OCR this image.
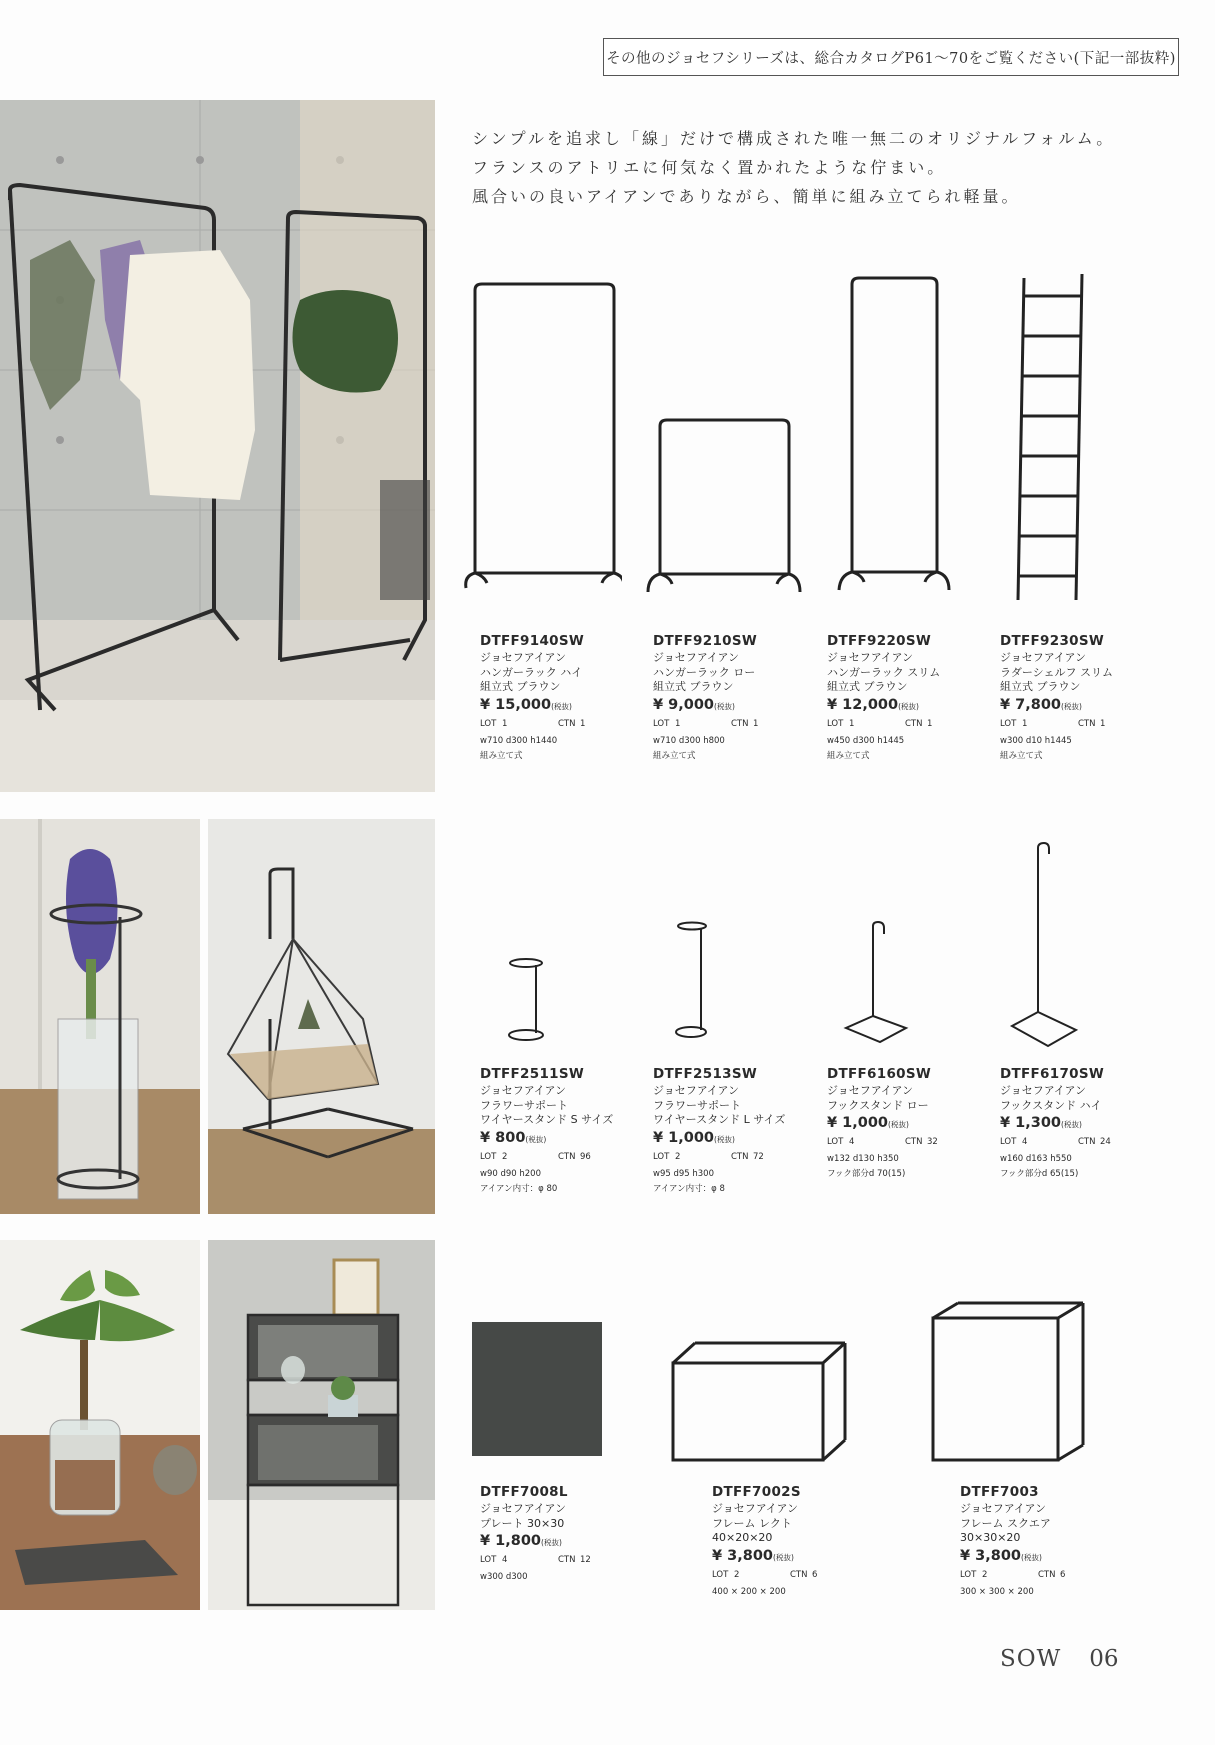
その他のジョセフシリーズは、総合カタログP61〜70をご覧ください(下記一部抜粋)
シンプルを追求し「線」だけで構成された唯一無二のオリジナルフォルム。
フランスのアトリエに何気なく置かれたような佇まい。
風合いの良いアイアンでありながら、簡単に組み立てられ軽量。
DTFF9140SW
ジョセフアイアン
ハンガーラック ハイ
組立式 ブラウン
¥ 15,000(税抜)
LOT 1	CTN 1
w710 d300 h1440
組み立て式
DTFF9210SW
ジョセフアイアン
ハンガーラック ロー
組立式 ブラウン
¥ 9,000(税抜)
LOT 1	CTN 1
w710 d300 h800
組み立て式
DTFF9220SW
ジョセフアイアン
ハンガーラック スリム
組立式 ブラウン
¥ 12,000(税抜)
LOT 1	CTN 1
w450 d300 h1445
組み立て式
DTFF9230SW
ジョセフアイアン
ラダーシェルフ スリム
組立式 ブラウン
¥ 7,800(税抜)
LOT 1	CTN 1
w300 d10 h1445
組み立て式
DTFF2511SW
ジョセフアイアン
フラワーサポート
ワイヤースタンド S サイズ
¥ 800(税抜)
LOT 2	CTN 96
w90 d90 h200
アイアン内寸：φ 80
DTFF2513SW
ジョセフアイアン
フラワーサポート
ワイヤースタンド L サイズ
¥ 1,000(税抜)
LOT 2	CTN 72
w95 d95 h300
アイアン内寸：φ 8
DTFF6160SW
ジョセフアイアン
フックスタンド ロー
¥ 1,000(税抜)
LOT 4	CTN 32
w132 d130 h350
フック部分d 70(15)
DTFF6170SW
ジョセフアイアン
フックスタンド ハイ
¥ 1,300(税抜)
LOT 4	CTN 24
w160 d163 h550
フック部分d 65(15)
DTFF7008L
ジョセフアイアン
プレート 30×30
¥ 1,800(税抜)
LOT 4	CTN 12
w300 d300
DTFF7002S
ジョセフアイアン
フレーム レクト
40×20×20
¥ 3,800(税抜)
LOT 2	CTN 6
400 × 200 × 200
DTFF7003
ジョセフアイアン
フレーム スクエア
30×30×20
¥ 3,800(税抜)
LOT 2	CTN 6
300 × 300 × 200
SOW 06
